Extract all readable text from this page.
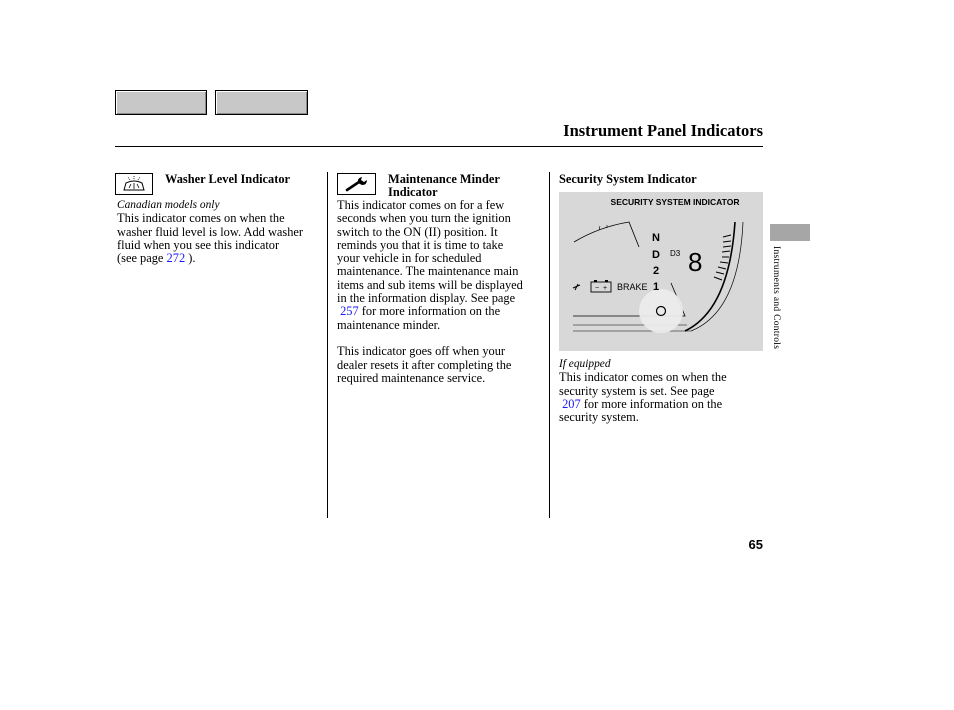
Instrument Panel Indicators
Washer Level Indicator

Canadian models only

This indicator comes on when the

washer fluid level is low. Add washer

fluid when you see this indicator

(see page 272 ).

Maintenance Minder
Indicator

This indicator comes on for a few

seconds when you turn the ignition

switch to the ON (II) position. It

reminds you that it is time to take

your vehicle in for scheduled

maintenance. The maintenance main

items and sub items will be displayed

in the information display. See page

257 for more information on the

maintenance minder.

This indicator goes off when your

dealer resets it after completing the

required maintenance service.

Security System Indicator
SECURITY SYSTEM INDICATOR
N
D
2
1
D3 8
− + BRAKE

If equipped

This indicator comes on when the

security system is set. See page

207 for more information on the

security system.

Instruments and Controls
65
